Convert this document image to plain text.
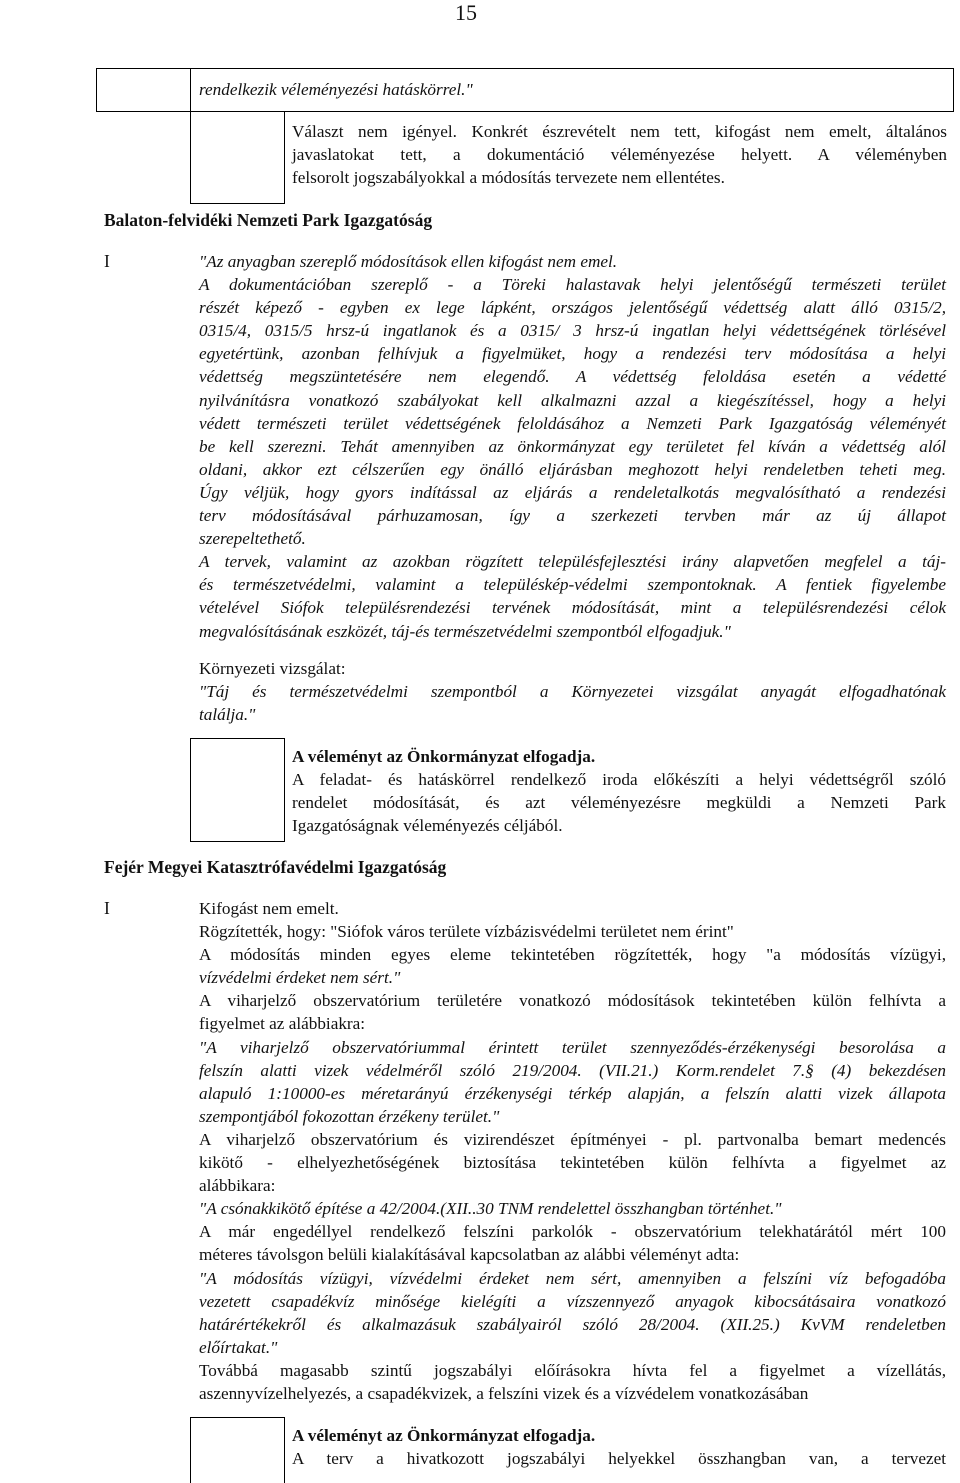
15
rendelkezik véleményezési hatáskörrel."
Választ nem igényel. Konkrét észrevételt nem tett, kifogást nem emelt, általános
javaslatokat tett, a dokumentáció véleményezése helyett. A véleményben
felsorolt jogszabályokkal a módosítás tervezete nem ellentétes.
Balaton-felvidéki Nemzeti Park Igazgatóság
I	"Az anyagban szereplő módosítások ellen kifogást nem emel.
A dokumentációban szereplő - a Töreki halastavak helyi jelentőségű természeti terület
részét képező - egyben ex lege lápként, országos jelentőségű védettség alatt álló 0315/2,
0315/4, 0315/5 hrsz-ú ingatlanok és a 0315/ 3 hrsz-ú ingatlan helyi védettségének törlésével
egyetértünk, azonban felhívjuk a figyelmüket, hogy a rendezési terv módosítása a helyi
védettség megszüntetésére nem elegendő. A védettség feloldása esetén a védetté
nyilvánításra vonatkozó szabályokat kell alkalmazni azzal a kiegészítéssel, hogy a helyi
védett természeti terület védettségének feloldásához a Nemzeti Park Igazgatóság véleményét
be kell szerezni. Tehát amennyiben az önkormányzat egy területet fel kíván a védettség alól
oldani, akkor ezt célszerűen egy önálló eljárásban meghozott helyi rendeletben teheti meg.
Úgy véljük, hogy gyors indítással az eljárás a rendeletalkotás megvalósítható a rendezési
terv módosításával párhuzamosan, így a szerkezeti tervben már az új állapot
szerepeltethető.
A tervek, valamint az azokban rögzített településfejlesztési irány alapvetően megfelel a táj-
és természetvédelmi, valamint a településkép-védelmi szempontoknak. A fentiek figyelembe
vételével Siófok településrendezési tervének módosítását, mint a településrendezési célok
megvalósításának eszközét, táj-és természetvédelmi szempontból elfogadjuk."
Környezeti vizsgálat:
"Táj és természetvédelmi szempontból a Környezetei vizsgálat anyagát elfogadhatónak
találja."
A véleményt az Önkormányzat elfogadja.
A feladat- és hatáskörrel rendelkező iroda előkészíti a helyi védettségről szóló
rendelet módosítását, és azt véleményezésre megküldi a Nemzeti Park
Igazgatóságnak véleményezés céljából.
Fejér Megyei Katasztrófavédelmi Igazgatóság
I	Kifogást nem emelt.
Rögzítették, hogy: "Siófok város területe vízbázisvédelmi területet nem érint"
A módosítás minden egyes eleme tekintetében rögzítették, hogy "a módosítás vízügyi,
vízvédelmi érdeket nem sért."
A viharjelző obszervatórium területére vonatkozó módosítások tekintetében külön felhívta a
figyelmet az alábbiakra:
"A viharjelző obszervatóriummal érintett terület szennyeződés-érzékenységi besorolása a
felszín alatti vizek védelméről szóló 219/2004. (VII.21.) Korm.rendelet 7.§ (4) bekezdésen
alapuló 1:10000-es méretarányú érzékenységi térkép alapján, a felszín alatti vizek állapota
szempontjából fokozottan érzékeny terület."
A viharjelző obszervatórium és vizirendészet építményei - pl. partvonalba bemart medencés
kikötő - elhelyezhetőségének biztosítása tekintetében külön felhívta a figyelmet az
alábbikara:
"A csónakkikötő építése a 42/2004.(XII..30 TNM rendelettel összhangban történhet."
A már engedéllyel rendelkező felszíni parkolók - obszervatórium telekhatárától mért 100
méteres távolsgon belüli kialakításával kapcsolatban az alábbi véleményt adta:
"A módosítás vízügyi, vízvédelmi érdeket nem sért, amennyiben a felszíni víz befogadóba
vezetett csapadékvíz minősége kielégíti a vízszennyező anyagok kibocsátásaira vonatkozó
határértékekről és alkalmazásuk szabályairól szóló 28/2004. (XII.25.) KvVM rendeletben
előírtakat."
Továbbá magasabb szintű jogszabályi előírásokra hívta fel a figyelmet a vízellátás,
aszennyvízelhelyezés, a csapadékvizek, a felszíni vizek és a vízvédelem vonatkozásában
A véleményt az Önkormányzat elfogadja.
A terv a hivatkozott jogszabályi helyekkel összhangban van, a tervezet
